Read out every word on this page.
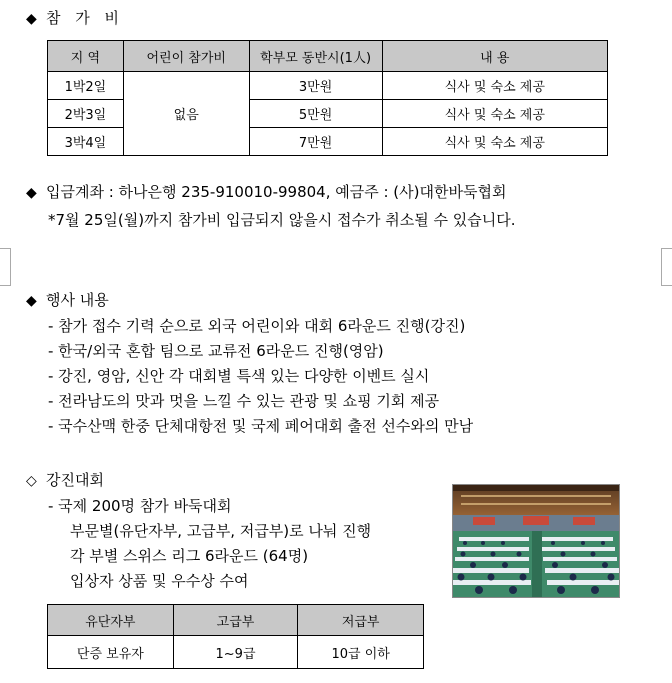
◆ 참 가 비
지 역	어린이 참가비	학부모 동반시(1人)	내 용
1박2일	없음	3만원	식사 및 숙소 제공
2박3일		5만원	식사 및 숙소 제공
3박4일		7만원	식사 및 숙소 제공
◆ 입금계좌 : 하나은행 235-910010-99804, 예금주 : (사)대한바둑협회
*7월 25일(월)까지 참가비 입금되지 않을시 접수가 취소될 수 있습니다.
◆ 행사 내용
- 참가 접수 기력 순으로 외국 어린이와 대회 6라운드 진행(강진)
- 한국/외국 혼합 팀으로 교류전 6라운드 진행(영암)
- 강진, 영암, 신안 각 대회별 특색 있는 다양한 이벤트 실시
- 전라남도의 맛과 멋을 느낄 수 있는 관광 및 쇼핑 기회 제공
- 국수산맥 한중 단체대항전 및 국제 페어대회 출전 선수와의 만남
◇ 강진대회
- 국제 200명 참가 바둑대회
부문별(유단자부, 고급부, 저급부)로 나눠 진행
각 부별 스위스 리그 6라운드 (64명)
입상자 상품 및 우수상 수여
유단자부	고급부	저급부
단증 보유자	1~9급	10급 이하
